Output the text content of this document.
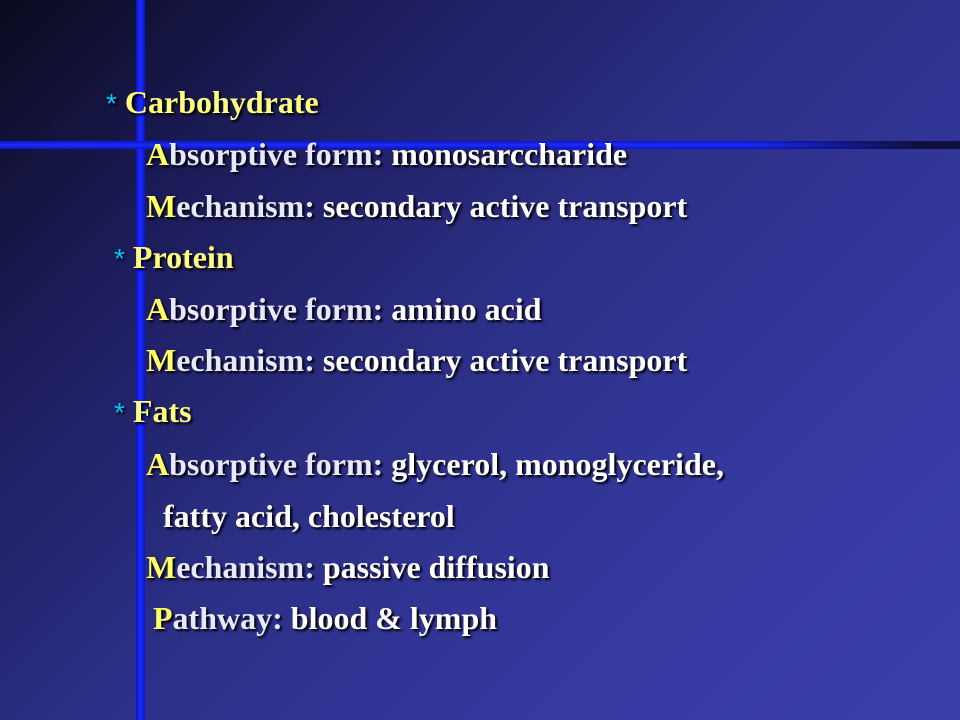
* Carbohydrate
Absorptive form: monosarccharide
Mechanism: secondary active transport
* Protein
Absorptive form: amino acid
Mechanism: secondary active transport
* Fats
Absorptive form: glycerol, monoglyceride,
fatty acid, cholesterol
Mechanism: passive diffusion
Pathway: blood & lymph
